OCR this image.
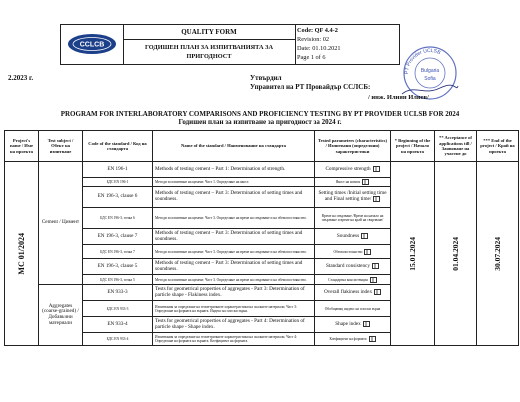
CCLCB
QUALITY FORM
ГОДИШЕН ПЛАН ЗА ИЗПИТВАНИЯТА ЗА
ПРИГОДНОСТ
Code: QF 4.4-2
Revision: 02
Date: 01.10.2021
Page 1 of 6
PT Provider UCLSB
Bulgaria
Sofia
2.2023 г.	Утвърдил
Управител на PT Провайдър ССЛСБ:
/ инж. Илиян Илиев/
PROGRAM FOR INTERLABORATORY COMPARISONS AND PROFICIENCY TESTING BY PT PROVIDER UCLSB FOR 2024
Годишен план за изпитване за пригодност за 2024 г.
Project's name / Име на проекта	Test subject / Обект на изпитване	Code of the standard / Код на стандарта	Name of the standard / Наименование на стандарта	Tested parameters (characteristics) / Изпитвани (определяни) характеристики	* Beginning of the project / Начало на проекта	** Acceptance of applications till / Заявяване на участие до	*** End of the project / Край на проекта

MC 01/2024	Cement / Цимент	EN 196-1	Methods of testing cement – Part 1: Determination of strength.	Compressive strength	15.01.2024	01.04.2024	30.07.2024

		БДС EN 196-1	Методи за изпитване на цимент. Част 1. Определяне на якост.	Якост на натиск			
		EN 196-3, clause 6	Methods of testing cement – Part 3: Determination of setting times and soundness.	Setting times /Initial setting time and Final setting time/			
		БДС EN 196-3, точка 6	Методи за изпитване на цимент. Част 3. Определяне на време на свързване и на обемопостоянство.	Време на свързване /Време на начало на свързване и време на край на свързване/			
		EN 196-3, clause 7	Methods of testing cement – Part 3: Determination of setting times and soundness.	Soundness			
		БДС EN 196-3, точка 7	Методи за изпитване на цимент. Част 3. Определяне на време на свързване и на обемопостоянство.	Обемопостоянство			
		EN 196-3, clause 5	Methods of testing cement – Part 3: Determination of setting times and soundness.	Standard consistency			
		БДС EN 196-3, точка 5	Методи за изпитване на цимент. Част 3. Определяне на време на свързване и на обемопостоянство.	Стандартна консистенция			
	Aggregates (coarse-grained) / Добавъчни материали	EN 933-3	Tests for geometrical properties of aggregates - Part 3: Determination of particle shape - Flakiness index.	Overall flakiness index			
		БДС EN 933-3	Изпитвания за определяне на геометричните характеристики на скалните материали. Част 3: Определяне на формата на зърната. Индекс на плоски зърна.	Обобщаващ индекс на плоски зърна			
		EN 933-4	Tests for geometrical properties of aggregates - Part 4: Determination of particle shape - Shape index.	Shape index			
		БДС EN 933-4	Изпитвания за определяне на геометричните характеристики на скалните материали. Част 4: Определяне на формата на зърната. Коефициент на формата.	Коефициент на формата			
